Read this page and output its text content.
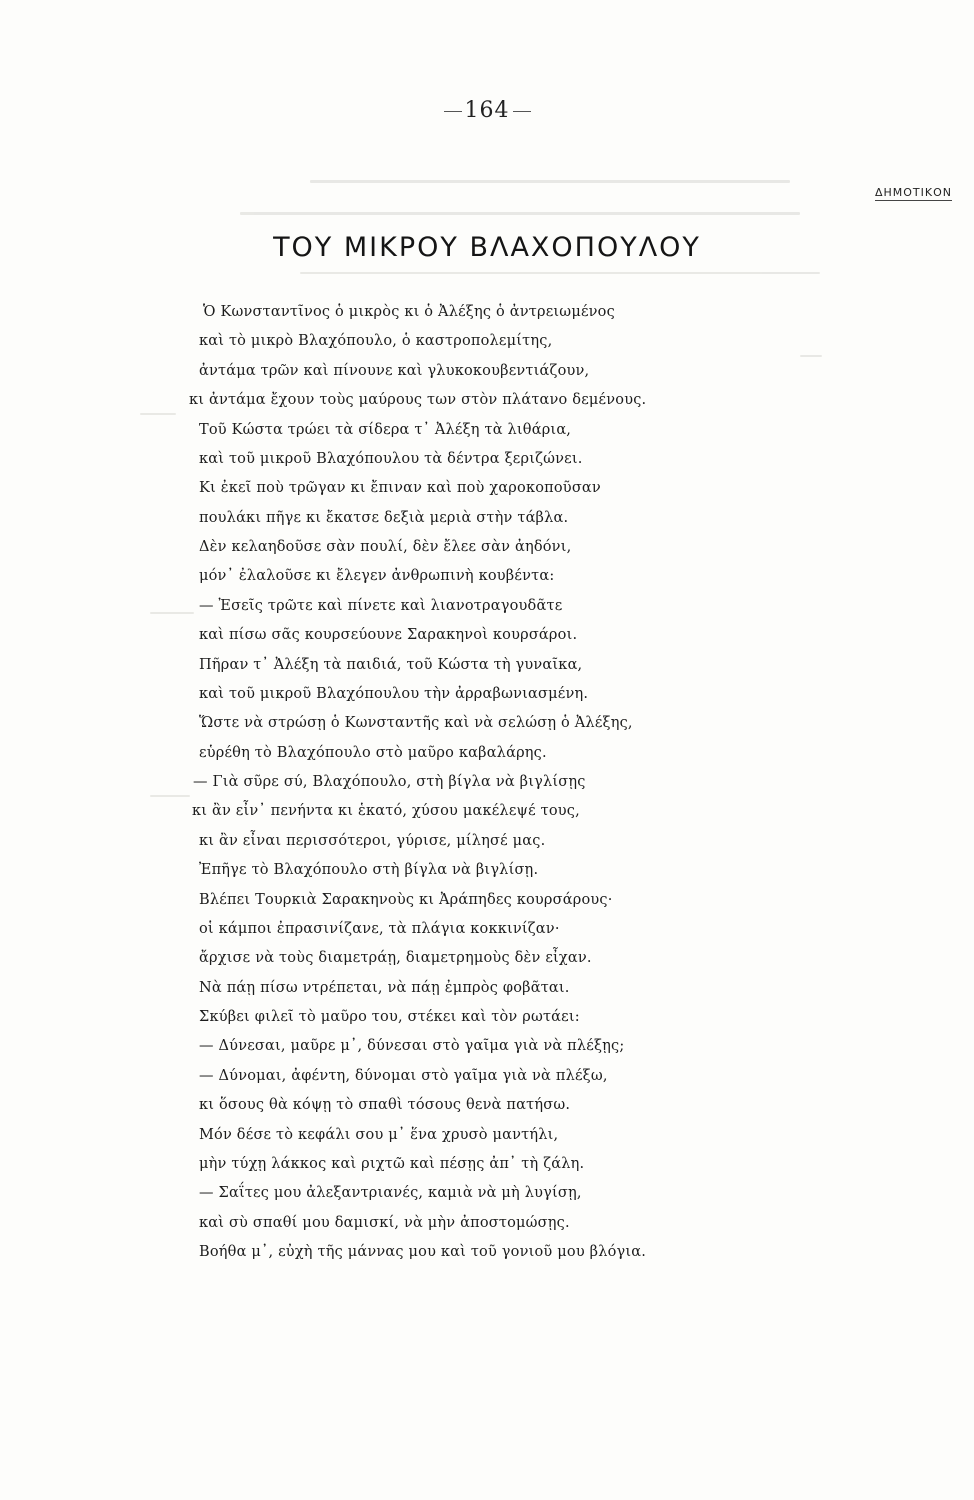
164
ΔΗΜΟΤΙΚΟΝ
ΤΟΥ ΜΙΚΡΟΥ ΒΛΑΧΟΠΟΥΛΟΥ
Ὁ Κωνσταντῖνος ὁ μικρὸς κι ὁ Ἀλέξης ὁ ἀντρειωμένος
καὶ τὸ μικρὸ Βλαχόπουλο, ὁ καστροπολεμίτης,
ἀντάμα τρῶν καὶ πίνουνε καὶ γλυκοκουβεντιάζουν,
κι ἀντάμα ἔχουν τοὺς μαύρους των στὸν πλάτανο δεμένους.
Τοῦ Κώστα τρώει τὰ σίδερα τ᾽ Ἀλέξη τὰ λιθάρια,
καὶ τοῦ μικροῦ Βλαχόπουλου τὰ δέντρα ξεριζώνει.
Κι ἐκεῖ ποὺ τρῶγαν κι ἔπιναν καὶ ποὺ χαροκοποῦσαν
πουλάκι πῆγε κι ἔκατσε δεξιὰ μεριὰ στὴν τάβλα.
Δὲν κελαηδοῦσε σὰν πουλί, δὲν ἔλεε σὰν ἀηδόνι,
μόν᾽ ἐλαλοῦσε κι ἔλεγεν ἀνθρωπινὴ κουβέντα:
— Ἐσεῖς τρῶτε καὶ πίνετε καὶ λιανοτραγουδᾶτε
καὶ πίσω σᾶς κουρσεύουνε Σαρακηνοὶ κουρσάροι.
Πῆραν τ᾽ Ἀλέξη τὰ παιδιά, τοῦ Κώστα τὴ γυναῖκα,
καὶ τοῦ μικροῦ Βλαχόπουλου τὴν ἀρραβωνιασμένη.
Ὥστε νὰ στρώσῃ ὁ Κωνσταντῆς καὶ νὰ σελώσῃ ὁ Ἀλέξης,
εὑρέθη τὸ Βλαχόπουλο στὸ μαῦρο καβαλάρης.
— Γιὰ σῦρε σύ, Βλαχόπουλο, στὴ βίγλα νὰ βιγλίσῃς
κι ἂν εἶν᾽ πενήντα κι ἑκατό, χύσου μακέλεψέ τους,
κι ἂν εἶναι περισσότεροι, γύρισε, μίλησέ μας.
Ἐπῆγε τὸ Βλαχόπουλο στὴ βίγλα νὰ βιγλίσῃ.
Βλέπει Τουρκιὰ Σαρακηνοὺς κι Ἀράπηδες κουρσάρους·
οἱ κάμποι ἐπρασινίζανε, τὰ πλάγια κοκκινίζαν·
ἄρχισε νὰ τοὺς διαμετράῃ, διαμετρημοὺς δὲν εἶχαν.
Νὰ πάῃ πίσω ντρέπεται, νὰ πάῃ ἐμπρὸς φοβᾶται.
Σκύβει φιλεῖ τὸ μαῦρο του, στέκει καὶ τὸν ρωτάει:
— Δύνεσαι, μαῦρε μ᾽, δύνεσαι στὸ γαῖμα γιὰ νὰ πλέξῃς;
— Δύνομαι, ἀφέντη, δύνομαι στὸ γαῖμα γιὰ νὰ πλέξω,
κι ὅσους θὰ κόψῃ τὸ σπαθὶ τόσους θενὰ πατήσω.
Μόν δέσε τὸ κεφάλι σου μ᾽ ἕνα χρυσὸ μαντήλι,
μὴν τύχῃ λάκκος καὶ ριχτῶ καὶ πέσῃς ἀπ᾽ τὴ ζάλη.
— Σαΐτες μου ἀλεξαντριανές, καμιὰ νὰ μὴ λυγίσῃ,
καὶ σὺ σπαθί μου δαμισκί, νὰ μὴν ἀποστομώσῃς.
Βοήθα μ᾽, εὐχὴ τῆς μάννας μου καὶ τοῦ γονιοῦ μου βλόγια.
